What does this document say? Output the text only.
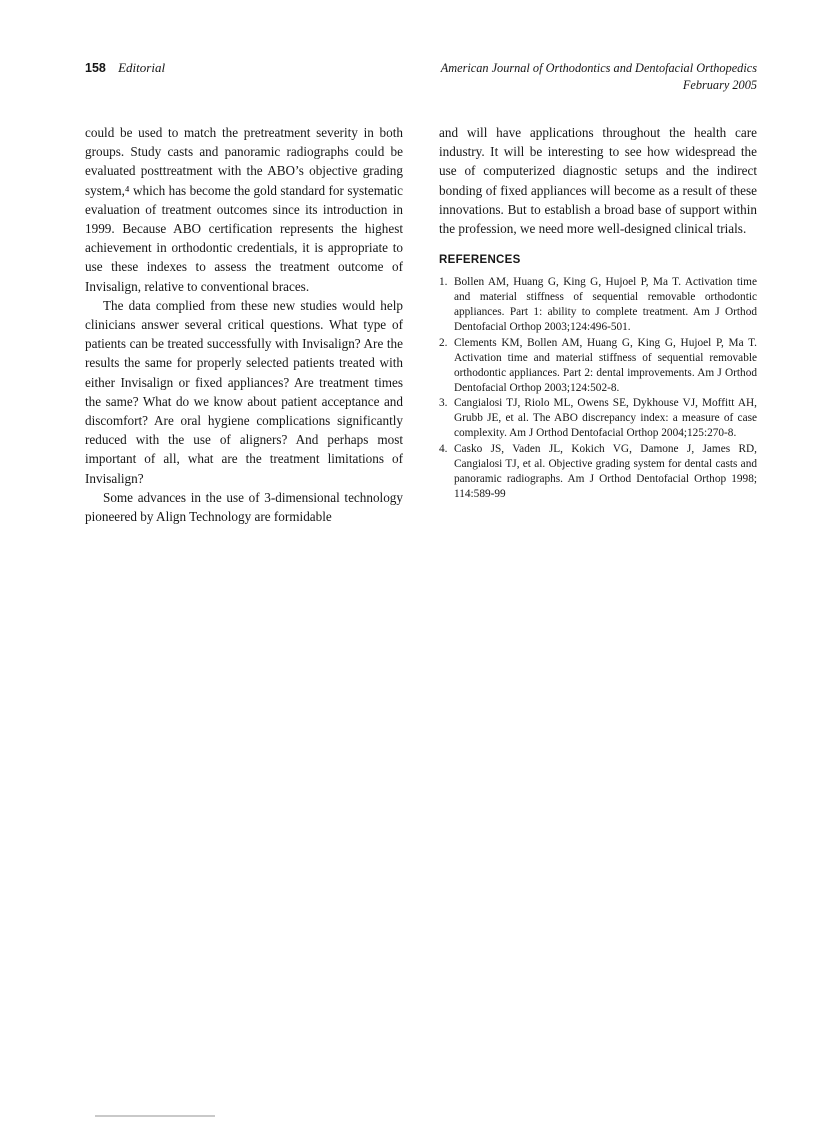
158 Editorial	American Journal of Orthodontics and Dentofacial Orthopedics
February 2005

could be used to match the pretreatment severity in both groups. Study casts and panoramic radiographs could be evaluated posttreatment with the ABO’s objective grading system,⁴ which has become the gold standard for systematic evaluation of treatment outcomes since its introduction in 1999. Because ABO certification represents the highest achievement in orthodontic credentials, it is appropriate to use these indexes to assess the treatment outcome of Invisalign, relative to conventional braces.

The data complied from these new studies would help clinicians answer several critical questions. What type of patients can be treated successfully with Invisalign? Are the results the same for properly selected patients treated with either Invisalign or fixed appliances? Are treatment times the same? What do we know about patient acceptance and discomfort? Are oral hygiene complications significantly reduced with the use of aligners? And perhaps most important of all, what are the treatment limitations of Invisalign?

Some advances in the use of 3-dimensional technology pioneered by Align Technology are formidable

and will have applications throughout the health care industry. It will be interesting to see how widespread the use of computerized diagnostic setups and the indirect bonding of fixed appliances will become as a result of these innovations. But to establish a broad base of support within the profession, we need more well-designed clinical trials.

REFERENCES
1. Bollen AM, Huang G, King G, Hujoel P, Ma T. Activation time and material stiffness of sequential removable orthodontic appliances. Part 1: ability to complete treatment. Am J Orthod Dentofacial Orthop 2003;124:496-501.
2. Clements KM, Bollen AM, Huang G, King G, Hujoel P, Ma T. Activation time and material stiffness of sequential removable orthodontic appliances. Part 2: dental improvements. Am J Orthod Dentofacial Orthop 2003;124:502-8.
3. Cangialosi TJ, Riolo ML, Owens SE, Dykhouse VJ, Moffitt AH, Grubb JE, et al. The ABO discrepancy index: a measure of case complexity. Am J Orthod Dentofacial Orthop 2004;125:270-8.
4. Casko JS, Vaden JL, Kokich VG, Damone J, James RD, Cangialosi TJ, et al. Objective grading system for dental casts and panoramic radiographs. Am J Orthod Dentofacial Orthop 1998; 114:589-99
